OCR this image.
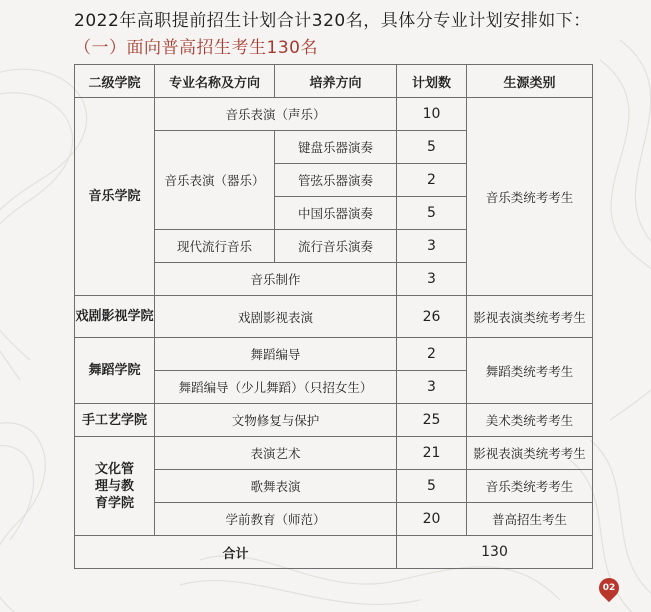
2022年高职提前招生计划合计320名，具体分专业计划安排如下：
（一）面向普高招生考生130名
二级学院	专业名称及方向	培养方向	计划数	生源类别
音乐学院	音乐表演（声乐）		10	音乐类统考考生
	音乐表演（器乐）	键盘乐器演奏	5	
		管弦乐器演奏	2	
		中国乐器演奏	5	
	现代流行音乐	流行音乐演奏	3	
	音乐制作		3	
戏剧影视学院	戏剧影视表演		26	影视表演类统考考生
舞蹈学院	舞蹈编导		2	舞蹈类统考考生
	舞蹈编导（少儿舞蹈）（只招女生）		3	
手工艺学院	文物修复与保护		25	美术类统考考生
文化管理与教育学院	表演艺术		21	影视表演类统考考生
	歌舞表演		5	音乐类统考考生
	学前教育（师范）		20	普高招生考生
合计			130	
02
